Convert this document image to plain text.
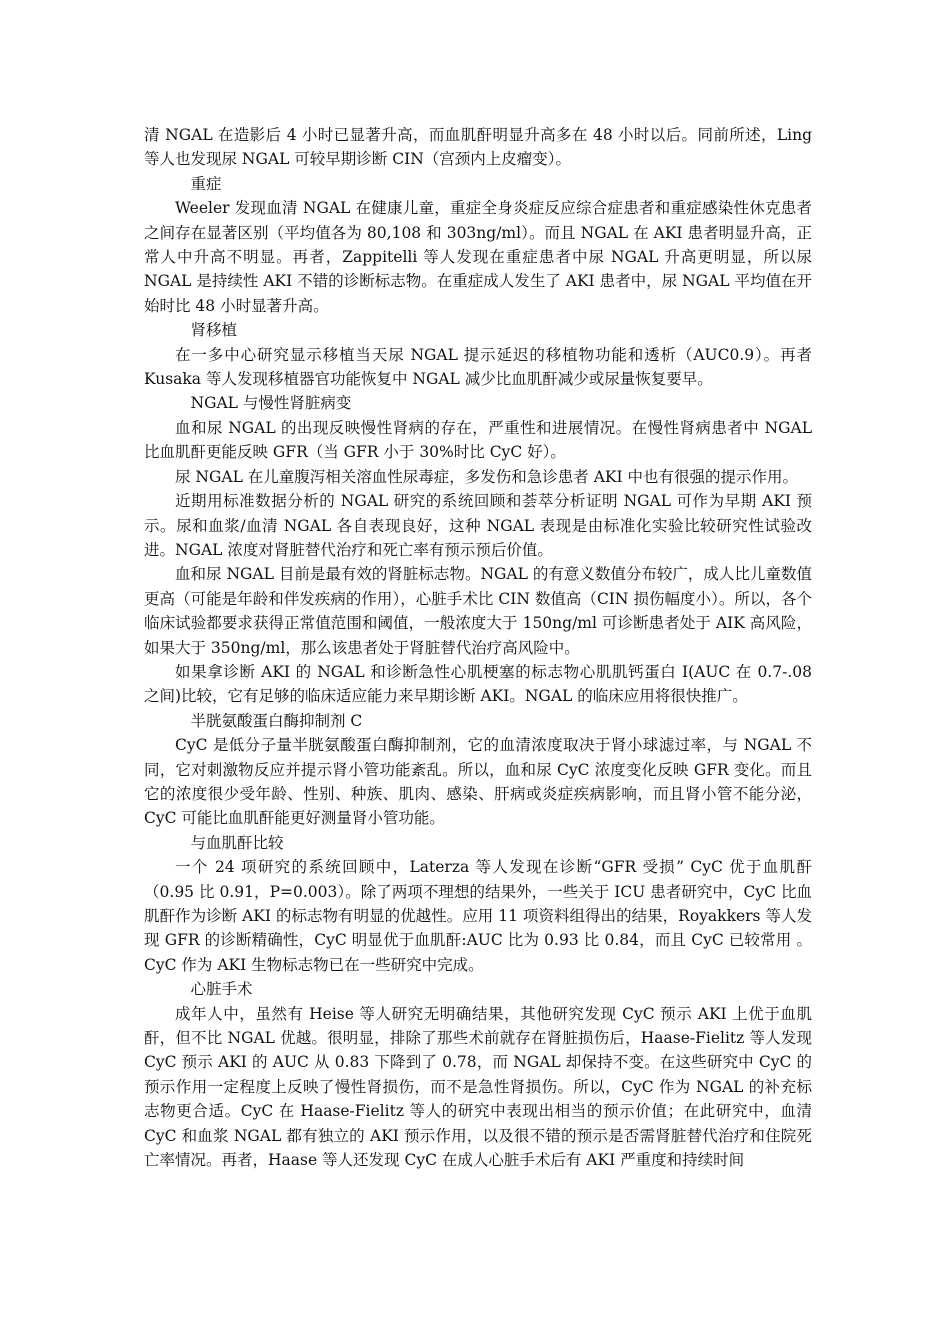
清 NGAL 在造影后 4 小时已显著升高，而血肌酐明显升高多在 48 小时以后。同前所述，Ling 等人也发现尿 NGAL 可较早期诊断 CIN（宫颈内上皮瘤变）。

重症

Weeler 发现血清 NGAL 在健康儿童，重症全身炎症反应综合症患者和重症感染性休克患者之间存在显著区别（平均值各为 80,108 和 303ng/ml）。而且 NGAL 在 AKI 患者明显升高，正常人中升高不明显。再者，Zappitelli 等人发现在重症患者中尿 NGAL 升高更明显，所以尿 NGAL 是持续性 AKI 不错的诊断标志物。在重症成人发生了 AKI 患者中，尿 NGAL 平均值在开始时比 48 小时显著升高。

肾移植

在一多中心研究显示移植当天尿 NGAL 提示延迟的移植物功能和透析（AUC0.9）。再者 Kusaka 等人发现移植器官功能恢复中 NGAL 减少比血肌酐减少或尿量恢复要早。

NGAL 与慢性肾脏病变

血和尿 NGAL 的出现反映慢性肾病的存在，严重性和进展情况。在慢性肾病患者中 NGAL 比血肌酐更能反映 GFR（当 GFR 小于 30%时比 CyC 好）。

尿 NGAL 在儿童腹泻相关溶血性尿毒症，多发伤和急诊患者 AKI 中也有很强的提示作用。

近期用标准数据分析的 NGAL 研究的系统回顾和荟萃分析证明 NGAL 可作为早期 AKI 预示。尿和血浆/血清 NGAL 各自表现良好，这种 NGAL 表现是由标准化实验比较研究性试验改进。NGAL 浓度对肾脏替代治疗和死亡率有预示预后价值。

血和尿 NGAL 目前是最有效的肾脏标志物。NGAL 的有意义数值分布较广，成人比儿童数值更高（可能是年龄和伴发疾病的作用），心脏手术比 CIN 数值高（CIN 损伤幅度小）。所以，各个临床试验都要求获得正常值范围和阈值，一般浓度大于 150ng/ml 可诊断患者处于 AIK 高风险，如果大于 350ng/ml，那么该患者处于肾脏替代治疗高风险中。

如果拿诊断 AKI 的 NGAL 和诊断急性心肌梗塞的标志物心肌肌钙蛋白 I(AUC 在 0.7-.08 之间)比较，它有足够的临床适应能力来早期诊断 AKI。NGAL 的临床应用将很快推广。

半胱氨酸蛋白酶抑制剂 C

CyC 是低分子量半胱氨酸蛋白酶抑制剂，它的血清浓度取决于肾小球滤过率，与 NGAL 不同，它对刺激物反应并提示肾小管功能紊乱。所以，血和尿 CyC 浓度变化反映 GFR 变化。而且它的浓度很少受年龄、性别、种族、肌肉、感染、肝病或炎症疾病影响，而且肾小管不能分泌，CyC 可能比血肌酐能更好测量肾小管功能。

与血肌酐比较

一个 24 项研究的系统回顾中，Laterza 等人发现在诊断“GFR 受损” CyC 优于血肌酐（0.95 比 0.91，P=0.003）。除了两项不理想的结果外，一些关于 ICU 患者研究中，CyC 比血肌酐作为诊断 AKI 的标志物有明显的优越性。应用 11 项资料组得出的结果，Royakkers 等人发现 GFR 的诊断精确性，CyC 明显优于血肌酐:AUC 比为 0.93 比 0.84，而且 CyC 已较常用 。CyC 作为 AKI 生物标志物已在一些研究中完成。

心脏手术

成年人中，虽然有 Heise 等人研究无明确结果，其他研究发现 CyC 预示 AKI 上优于血肌酐，但不比 NGAL 优越。很明显，排除了那些术前就存在肾脏损伤后，Haase-Fielitz 等人发现 CyC 预示 AKI 的 AUC 从 0.83 下降到了 0.78，而 NGAL 却保持不变。在这些研究中 CyC 的预示作用一定程度上反映了慢性肾损伤，而不是急性肾损伤。所以，CyC 作为 NGAL 的补充标志物更合适。CyC 在 Haase-Fielitz 等人的研究中表现出相当的预示价值；在此研究中，血清 CyC 和血浆 NGAL 都有独立的 AKI 预示作用，以及很不错的预示是否需肾脏替代治疗和住院死亡率情况。再者，Haase 等人还发现 CyC 在成人心脏手术后有 AKI 严重度和持续时间
